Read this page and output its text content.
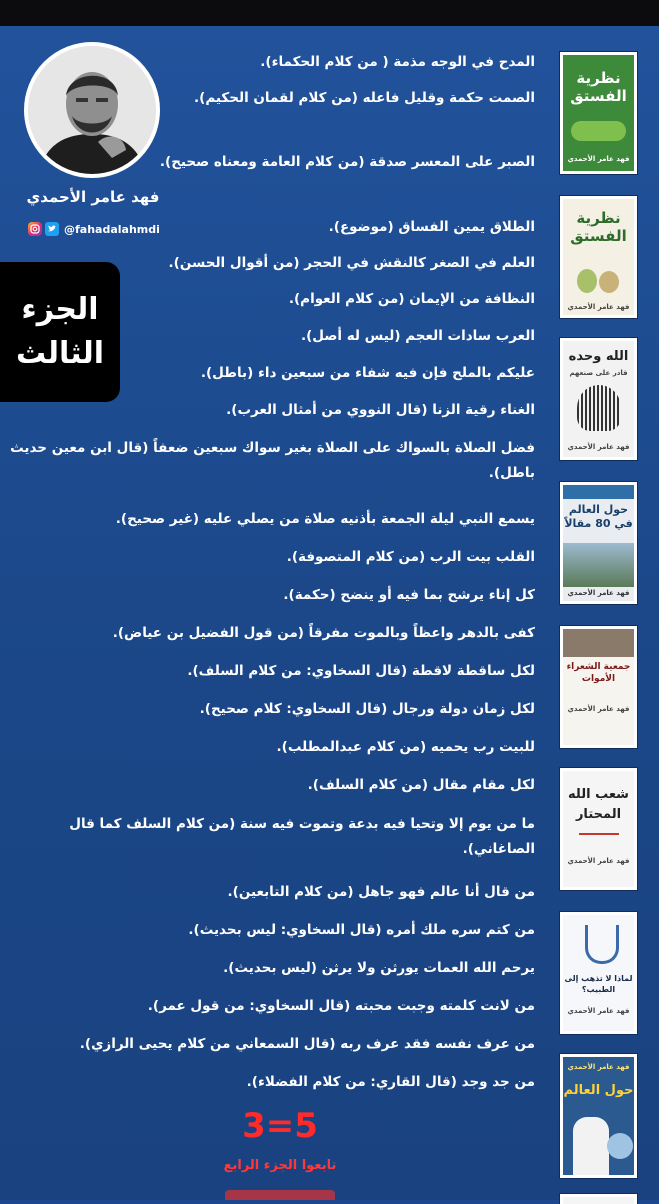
فهد عامر الأحمدي
@fahadalahmdi
الجزء
الثالث
المدح في الوجه مذمة ( من كلام الحكماء).
الصمت حكمة وقليل فاعله (من كلام لقمان الحكيم).
الصبر على المعسر صدقة (من كلام العامة ومعناه صحيح).
الطلاق يمين الفساق (موضوع).
العلم في الصغر كالنقش في الحجر (من أقوال الحسن).
النظافة من الإيمان (من كلام العوام).
العرب سادات العجم (ليس له أصل).
عليكم بالملح فإن فيه شفاء من سبعين داء (باطل).
الغناء رقية الزنا (قال النووي من أمثال العرب).
فضل الصلاة بالسواك على الصلاة بغير سواك سبعين ضعفاً (قال ابن معين حديث باطل).
يسمع النبي ليلة الجمعة بأذنيه صلاة من يصلي عليه (غير صحيح).
القلب بيت الرب (من كلام المتصوفة).
كل إناء يرشح بما فيه أو ينضح (حكمة).
كفى بالدهر واعظاً وبالموت مفرقاً (من قول الفضيل بن عياض).
لكل ساقطة لاقطة (قال السخاوي: من كلام السلف).
لكل زمان دولة ورجال (قال السخاوي: كلام صحيح).
للبيت رب يحميه (من كلام عبدالمطلب).
لكل مقام مقال (من كلام السلف).
ما من يوم إلا وتحيا فيه بدعة وتموت فيه سنة (من كلام السلف كما قال الصاغاني).
من قال أنا عالم فهو جاهل (من كلام التابعين).
من كتم سره ملك أمره (قال السخاوي: ليس بحديث).
يرحم الله العمات يورثن ولا يرثن (ليس بحديث).
من لانت كلمته وجبت محبته (قال السخاوي: من قول عمر).
من عرف نفسه فقد عرف ربه (قال السمعاني من كلام يحيى الرازي).
من جد وجد (قال القاري: من كلام الفضلاء).
3=5
تابعوا الجزء الرابع
نظرية الفستق
فهد عامر الأحمدي
نظرية الفستق
فهد عامر الأحمدي
الله وحده
قادر على صنعهم
فهد عامر الأحمدي
حول العالم في 80 مقالاً
فهد عامر الأحمدي
جمعية الشعراء الأموات
فهد عامر الأحمدي
شعب الله المحتار
فهد عامر الأحمدي
لماذا لا تذهب إلى الطبيب؟
فهد عامر الأحمدي
فهد عامر الأحمدي
حول العالم
